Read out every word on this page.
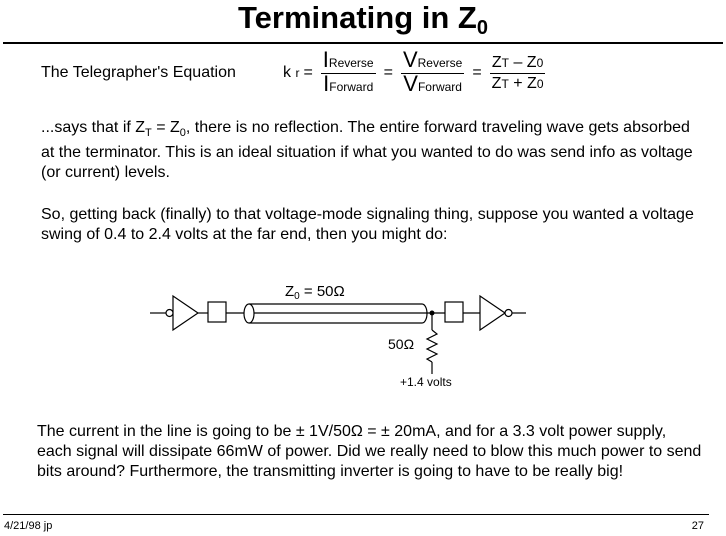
Terminating in $Z_0$
The Telegrapher's Equation	k $r = \frac{\text{IReverse}}{\text{IForward}} = \frac{\text{VReverse}}{\text{VForward}} = \frac{ZT - Z0}{ZT + Z0}$
...says that if $Z_T = Z_0$, there is no reflection. The entire forward traveling wave gets absorbed at the terminator. This is an ideal situation if what you wanted to do was send info as voltage (or current) levels.
So, getting back (finally) to that voltage-mode signaling thing, suppose you wanted a voltage swing of 0.4 to 2.4 volts at the far end, then you might do:
$Z_0 = 50\Omega$
50Ω
+1.4 volts
The current in the line is going to be ± 1V/50Ω = ± 20mA, and for a 3.3 volt power supply, each signal will dissipate 66mW of power. Did we really need to blow this much power to send bits around? Furthermore, the transmitting inverter is going to have to be really big!
4/21/98 jp	27
